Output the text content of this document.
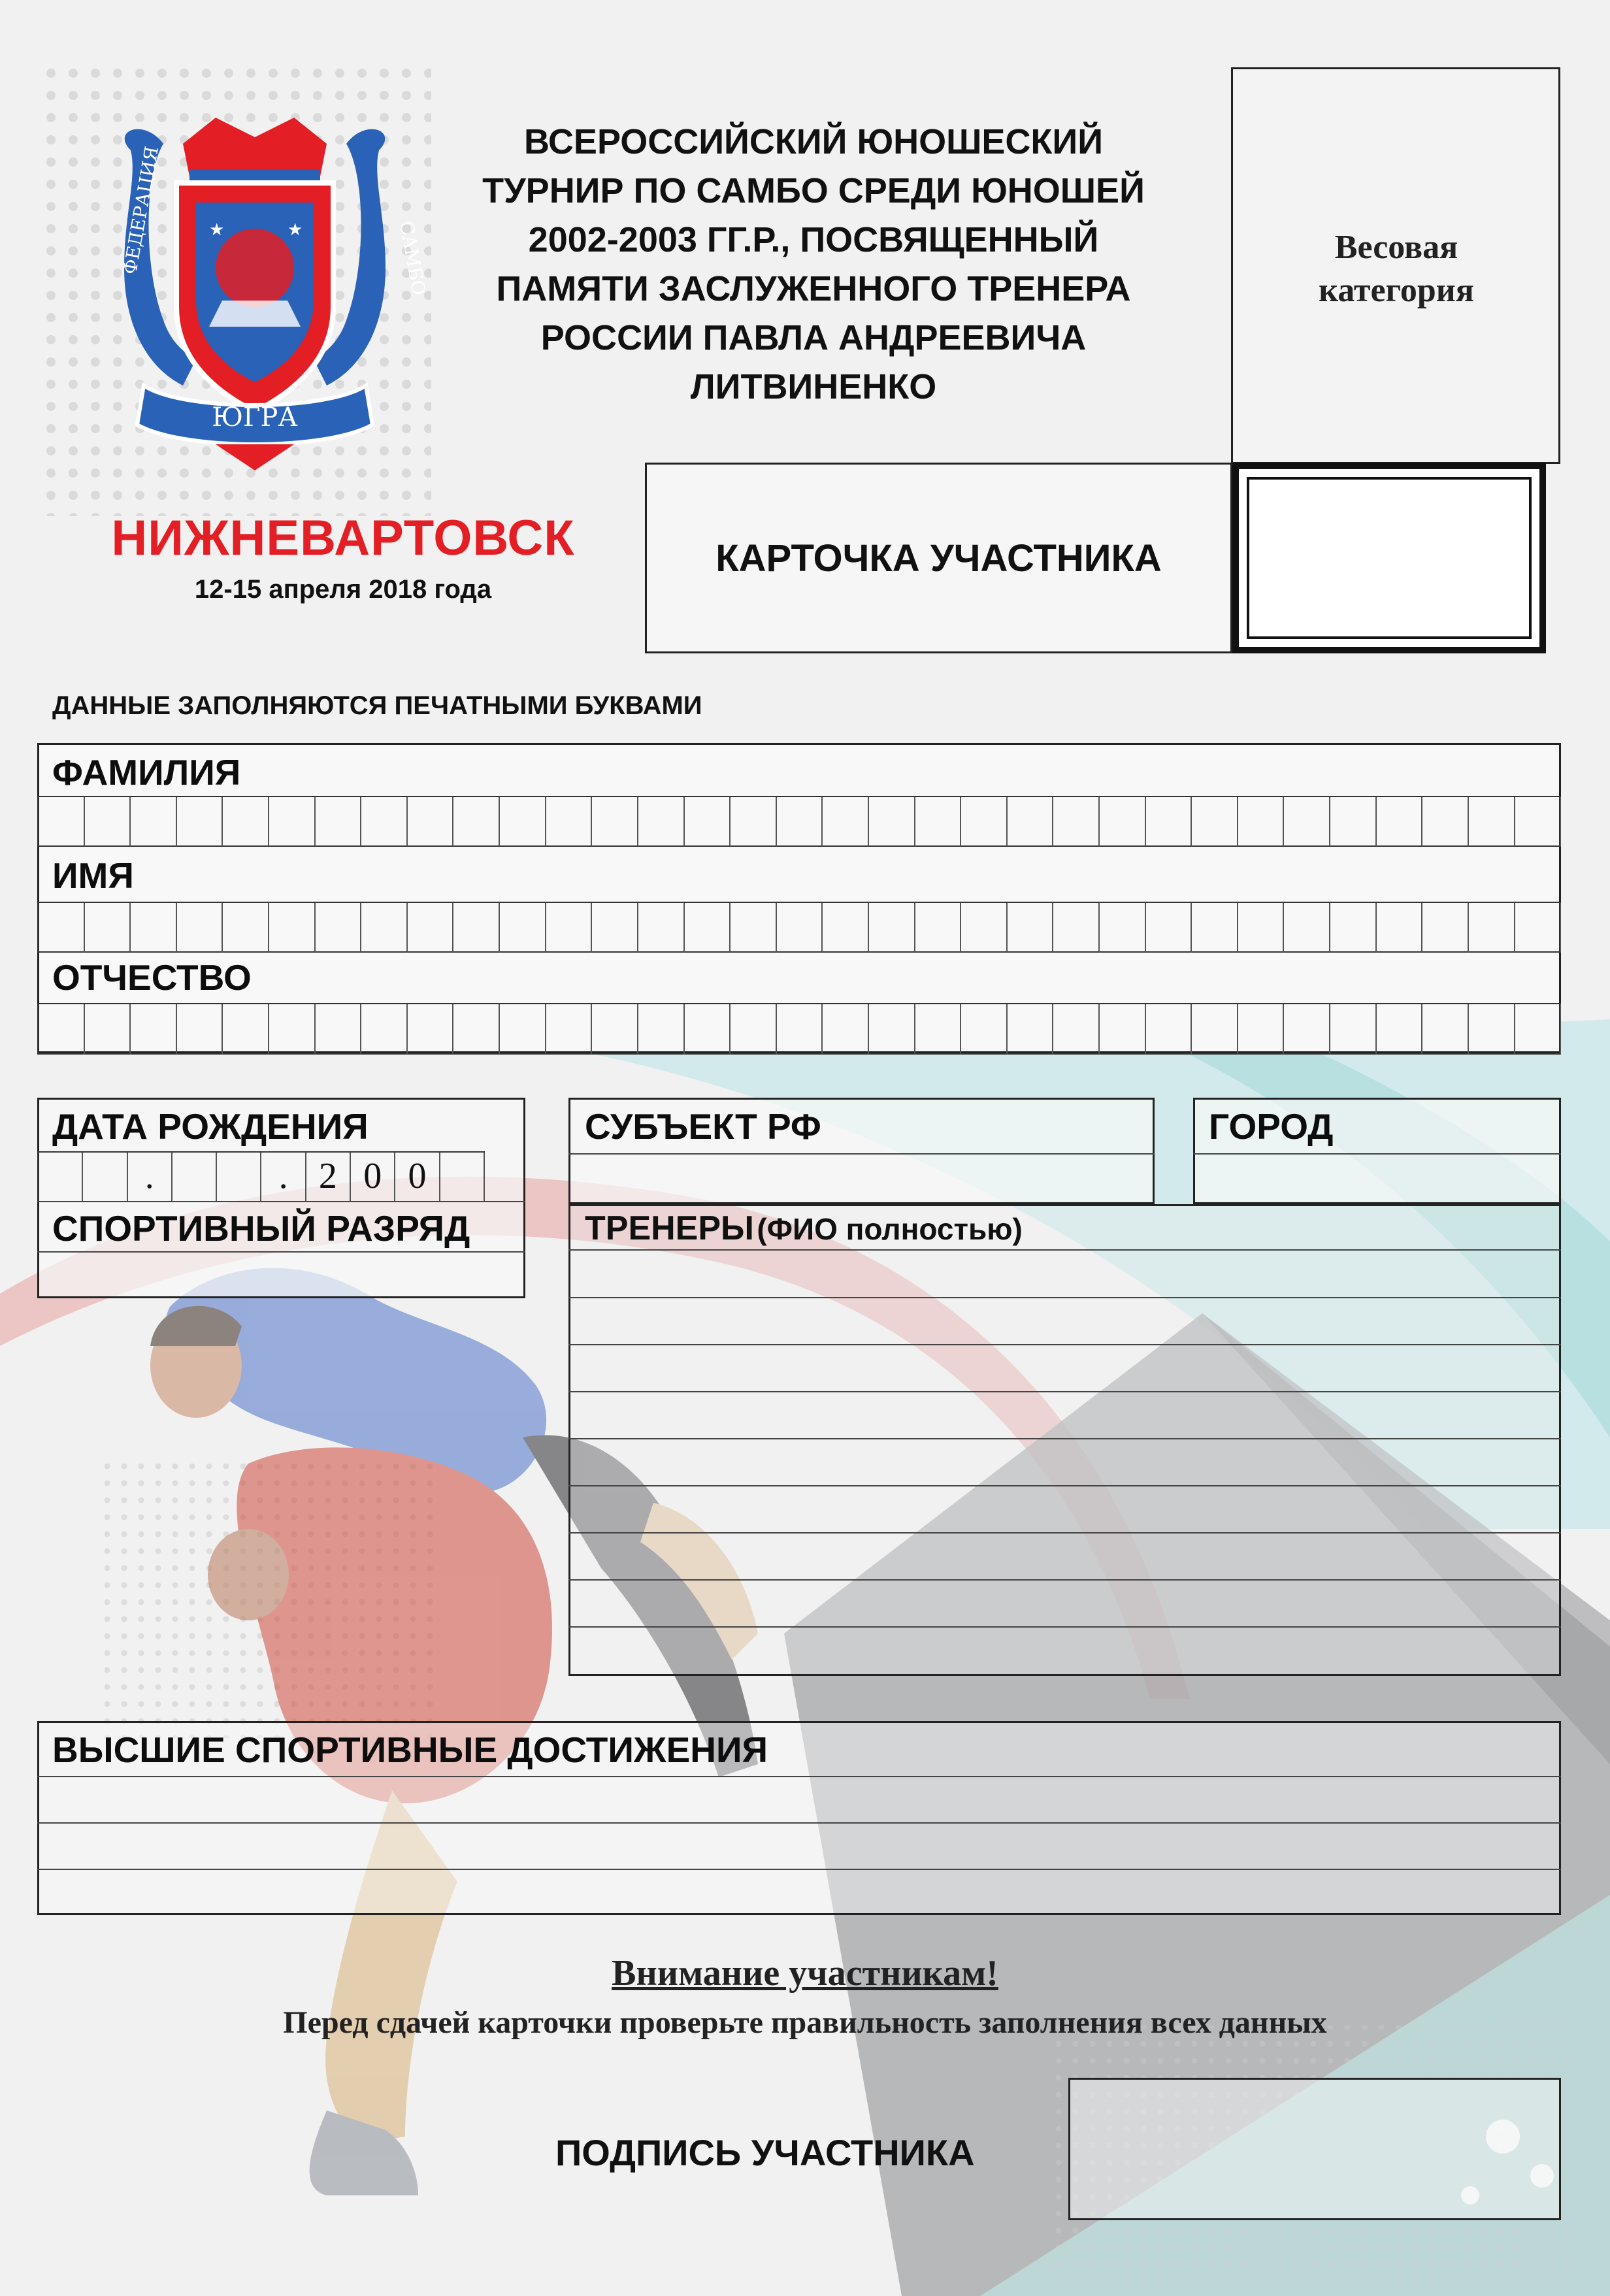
★	★
ФЕДЕРАЦИЯ	САМБО
ЮГРА
НИЖНЕВАРТОВСК
12-15 апреля 2018 года
ВСЕРОССИЙСКИЙ ЮНОШЕСКИЙ
ТУРНИР ПО САМБО СРЕДИ ЮНОШЕЙ
2002-2003 ГГ.Р., ПОСВЯЩЕННЫЙ
ПАМЯТИ ЗАСЛУЖЕННОГО ТРЕНЕРА
РОССИИ ПАВЛА АНДРЕЕВИЧА
ЛИТВИНЕНКО
Весовая категория
КАРТОЧКА УЧАСТНИКА
ДАННЫЕ ЗАПОЛНЯЮТСЯ ПЕЧАТНЫМИ БУКВАМИ
ФАМИЛИЯ
ИМЯ
ОТЧЕСТВО
ДАТА РОЖДЕНИЯ
.	. 2 0 0
СПОРТИВНЫЙ РАЗРЯД
СУБЪЕКТ РФ	ГОРОД
ТРЕНЕРЫ (ФИО полностью)
ВЫСШИЕ СПОРТИВНЫЕ ДОСТИЖЕНИЯ
Внимание участникам!
Перед сдачей карточки проверьте правильность заполнения всех данных
ПОДПИСЬ УЧАСТНИКА
